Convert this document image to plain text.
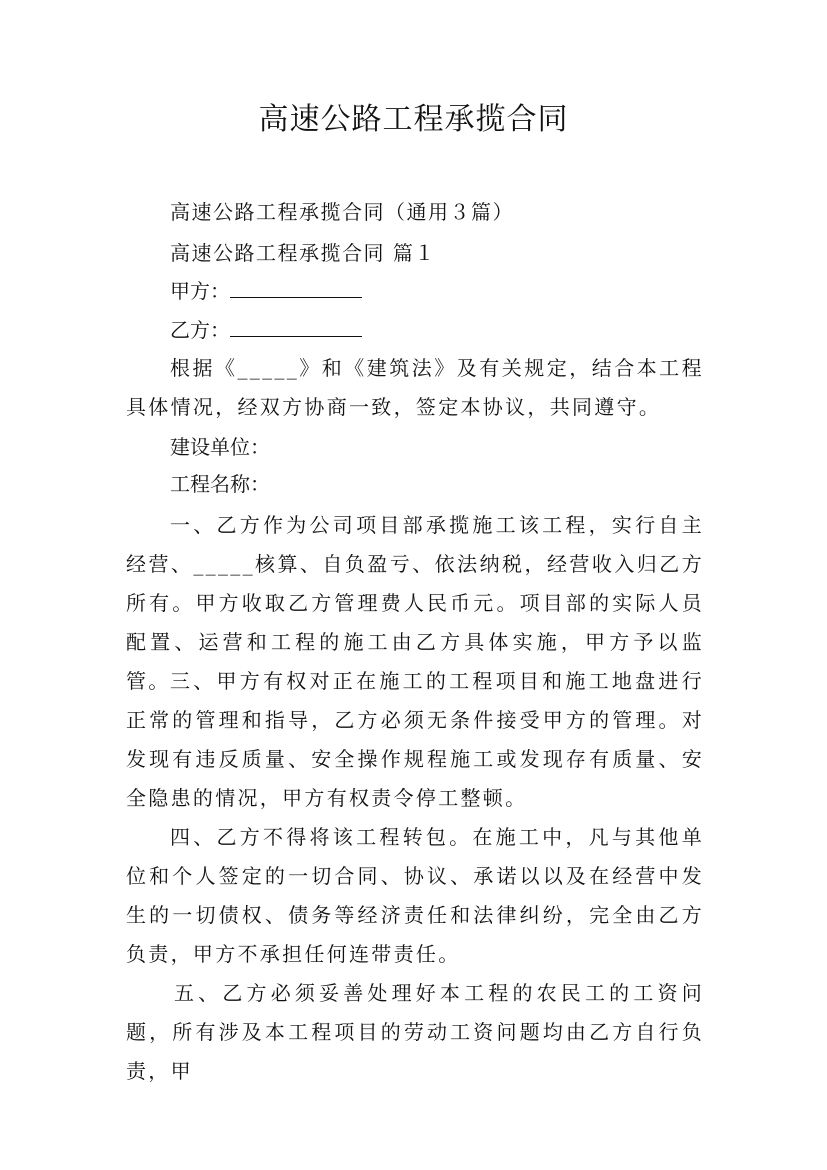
高速公路工程承揽合同
高速公路工程承揽合同（通用３篇）
高速公路工程承揽合同 篇１
甲方：
乙方：

根据《_____》和《建筑法》及有关规定，结合本工程具体情况，经双方协商一致，签定本协议，共同遵守。

建设单位：
工程名称：

一、乙方作为公司项目部承揽施工该工程，实行自主经营、_____核算、自负盈亏、依法纳税，经营收入归乙方所有。甲方收取乙方管理费人民币元。项目部的实际人员配置、运营和工程的施工由乙方具体实施，甲方予以监管。 三、甲方有权对正在施工的工程项目和施工地盘进行正常的管理和指导，乙方必须无条件接受甲方的管理。对发现有违反质量、安全操作规程施工或发现存有质量、安全隐患的情况，甲方有权责令停工整顿。

四、乙方不得将该工程转包。在施工中，凡与其他单位和个人签定的一切合同、协议、承诺以以及在经营中发生的一切债权、债务等经济责任和法律纠纷，完全由乙方负责，甲方不承担任何连带责任。

五、乙方必须妥善处理好本工程的农民工的工资问题，所有涉及本工程项目的劳动工资问题均由乙方自行负责，甲
